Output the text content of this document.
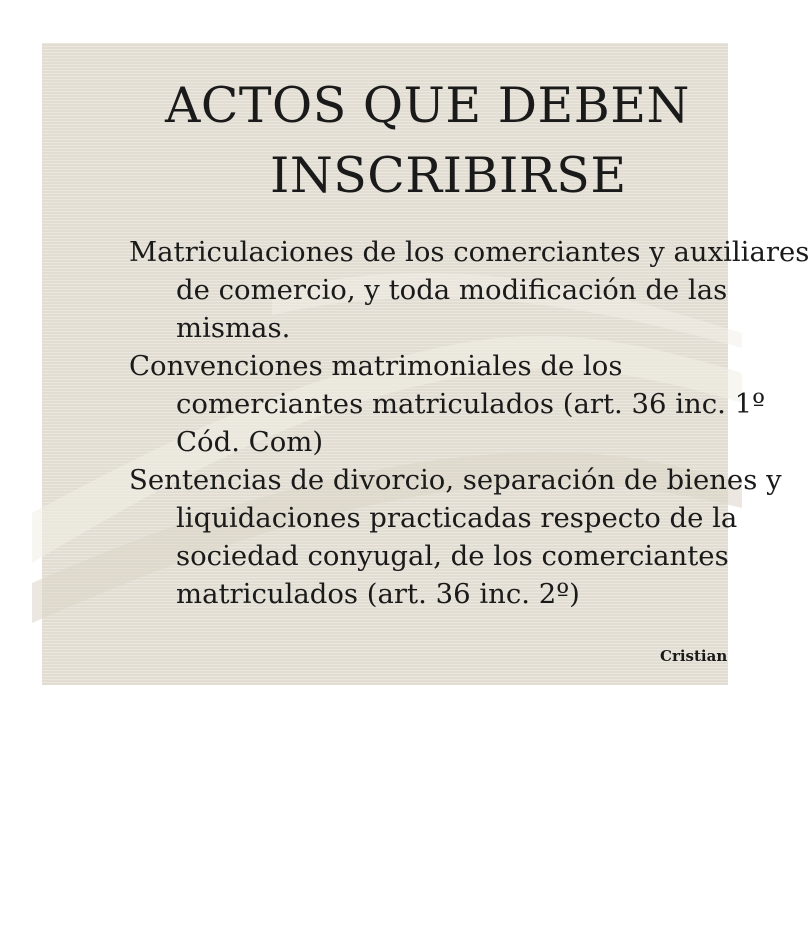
ACTOS QUE DEBEN
INSCRIBIRSE
Matriculaciones de los comerciantes y auxiliares
de comercio, y toda modificación de las
mismas.
Convenciones matrimoniales de los
comerciantes matriculados (art. 36 inc. 1º
Cód. Com)
Sentencias de divorcio, separación de bienes y
liquidaciones practicadas respecto de la
sociedad conyugal, de los comerciantes
matriculados (art. 36 inc. 2º)
Cristian
